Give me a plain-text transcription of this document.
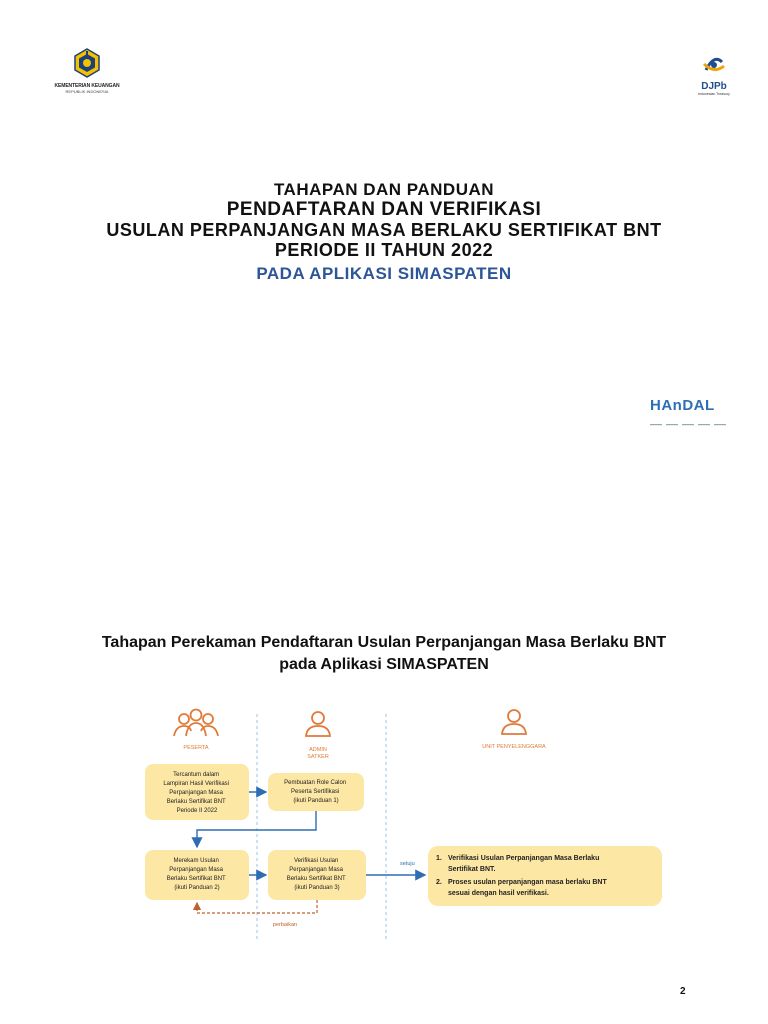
KEMENTERIAN KEUANGAN
REPUBLIK INDONESIA	DJPb
Indonesian Treasury
TAHAPAN DAN PANDUAN
PENDAFTARAN DAN VERIFIKASI
USULAN PERPANJANGAN MASA BERLAKU SERTIFIKAT BNT
PERIODE II TAHUN 2022
PADA APLIKASI SIMASPATEN
HAnDAL
Tahapan Perekaman Pendaftaran Usulan Perpanjangan Masa Berlaku BNT
pada Aplikasi SIMASPATEN
PESERTA	ADMIN
SATKER
UNIT PENYELENGGARA
Tercantum dalam Lampiran Hasil Verifikasi Perpanjangan Masa Berlaku Sertifikat BNT Periode II 2022
Pembuatan Role Calon Peserta Sertifikasi (ikuti Panduan 1)
Merekam Usulan Perpanjangan Masa Berlaku Sertifikat BNT (ikuti Panduan 2)
Verifikasi Usulan Perpanjangan Masa Berlaku Sertifikat BNT (ikuti Panduan 3)
1. Verifikasi Usulan Perpanjangan Masa Berlaku Sertifikat BNT. 2. Proses usulan perpanjangan masa berlaku BNT sesuai dengan hasil verifikasi.
setuju
perbaikan
2
